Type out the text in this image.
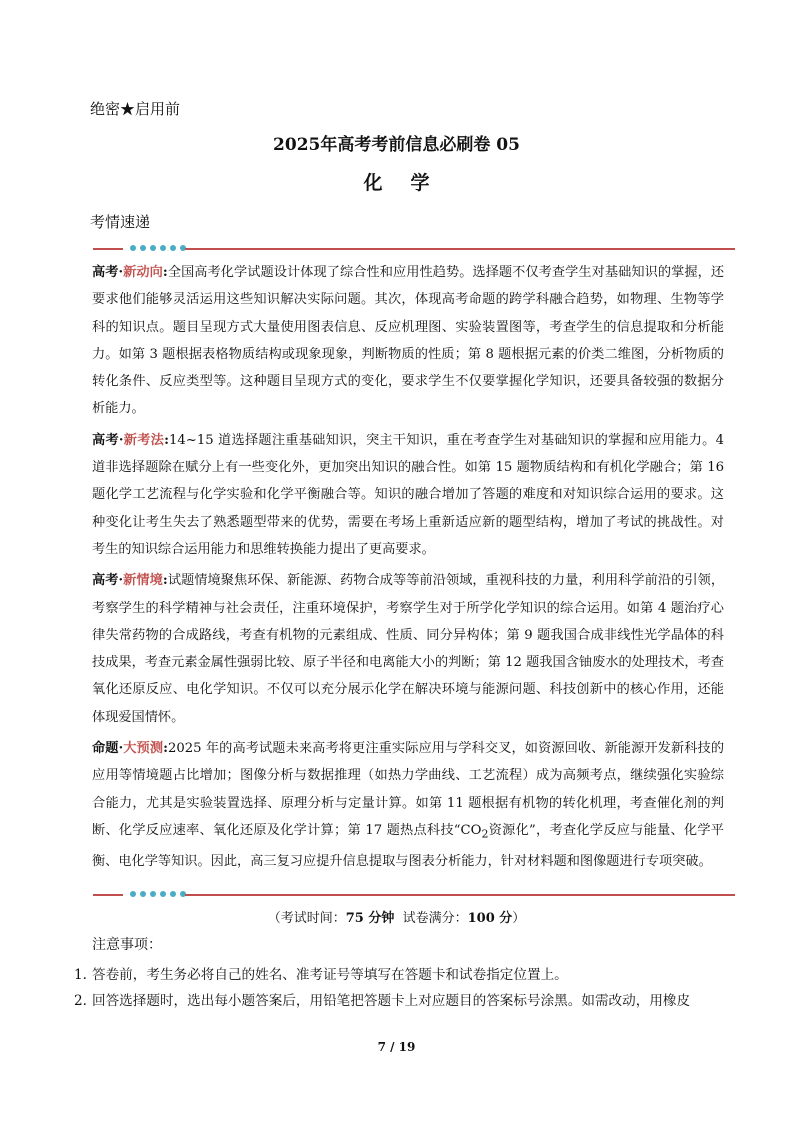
绝密★启用前
2025年高考考前信息必刷卷 05
化学
考情速递

高考·新动向:全国高考化学试题设计体现了综合性和应用性趋势。选择题不仅考查学生对基础知识的掌握，还要求他们能够灵活运用这些知识解决实际问题。其次，体现高考命题的跨学科融合趋势，如物理、生物等学科的知识点。题目呈现方式大量使用图表信息、反应机理图、实验装置图等，考查学生的信息提取和分析能力。如第 3 题根据表格物质结构或现象现象，判断物质的性质；第 8 题根据元素的价类二维图，分析物质的转化条件、反应类型等。这种题目呈现方式的变化，要求学生不仅要掌握化学知识，还要具备较强的数据分析能力。

高考·新考法:14~15 道选择题注重基础知识，突主干知识，重在考查学生对基础知识的掌握和应用能力。4 道非选择题除在赋分上有一些变化外，更加突出知识的融合性。如第 15 题物质结构和有机化学融合；第 16 题化学工艺流程与化学实验和化学平衡融合等。知识的融合增加了答题的难度和对知识综合运用的要求。这种变化让考生失去了熟悉题型带来的优势，需要在考场上重新适应新的题型结构，增加了考试的挑战性。对考生的知识综合运用能力和思维转换能力提出了更高要求。

高考·新情境:试题情境聚焦环保、新能源、药物合成等等前沿领域，重视科技的力量，利用科学前沿的引领，考察学生的科学精神与社会责任，注重环境保护，考察学生对于所学化学知识的综合运用。如第 4 题治疗心律失常药物的合成路线，考查有机物的元素组成、性质、同分异构体；第 9 题我国合成非线性光学晶体的科技成果，考查元素金属性强弱比较、原子半径和电离能大小的判断；第 12 题我国含铀废水的处理技术，考查氧化还原反应、电化学知识。不仅可以充分展示化学在解决环境与能源问题、科技创新中的核心作用，还能体现爱国情怀。

命题·大预测:2025 年的高考试题未来高考将更注重实际应用与学科交叉，如资源回收、新能源开发新科技的应用等情境题占比增加；图像分析与数据推理（如热力学曲线、工艺流程）成为高频考点，继续强化实验综合能力，尤其是实验装置选择、原理分析与定量计算。如第 11 题根据有机物的转化机理，考查催化剂的判断、化学反应速率、氧化还原及化学计算；第 17 题热点科技“$CO_2$资源化”，考查化学反应与能量、化学平衡、电化学等知识。因此，高三复习应提升信息提取与图表分析能力，针对材料题和图像题进行专项突破。

（考试时间：75 分钟  试卷满分：100 分）
注意事项：

1. 答卷前，考生务必将自己的姓名、准考证号等填写在答题卡和试卷指定位置上。

2. 回答选择题时，选出每小题答案后，用铅笔把答题卡上对应题目的答案标号涂黑。如需改动，用橡皮

7 / 19
